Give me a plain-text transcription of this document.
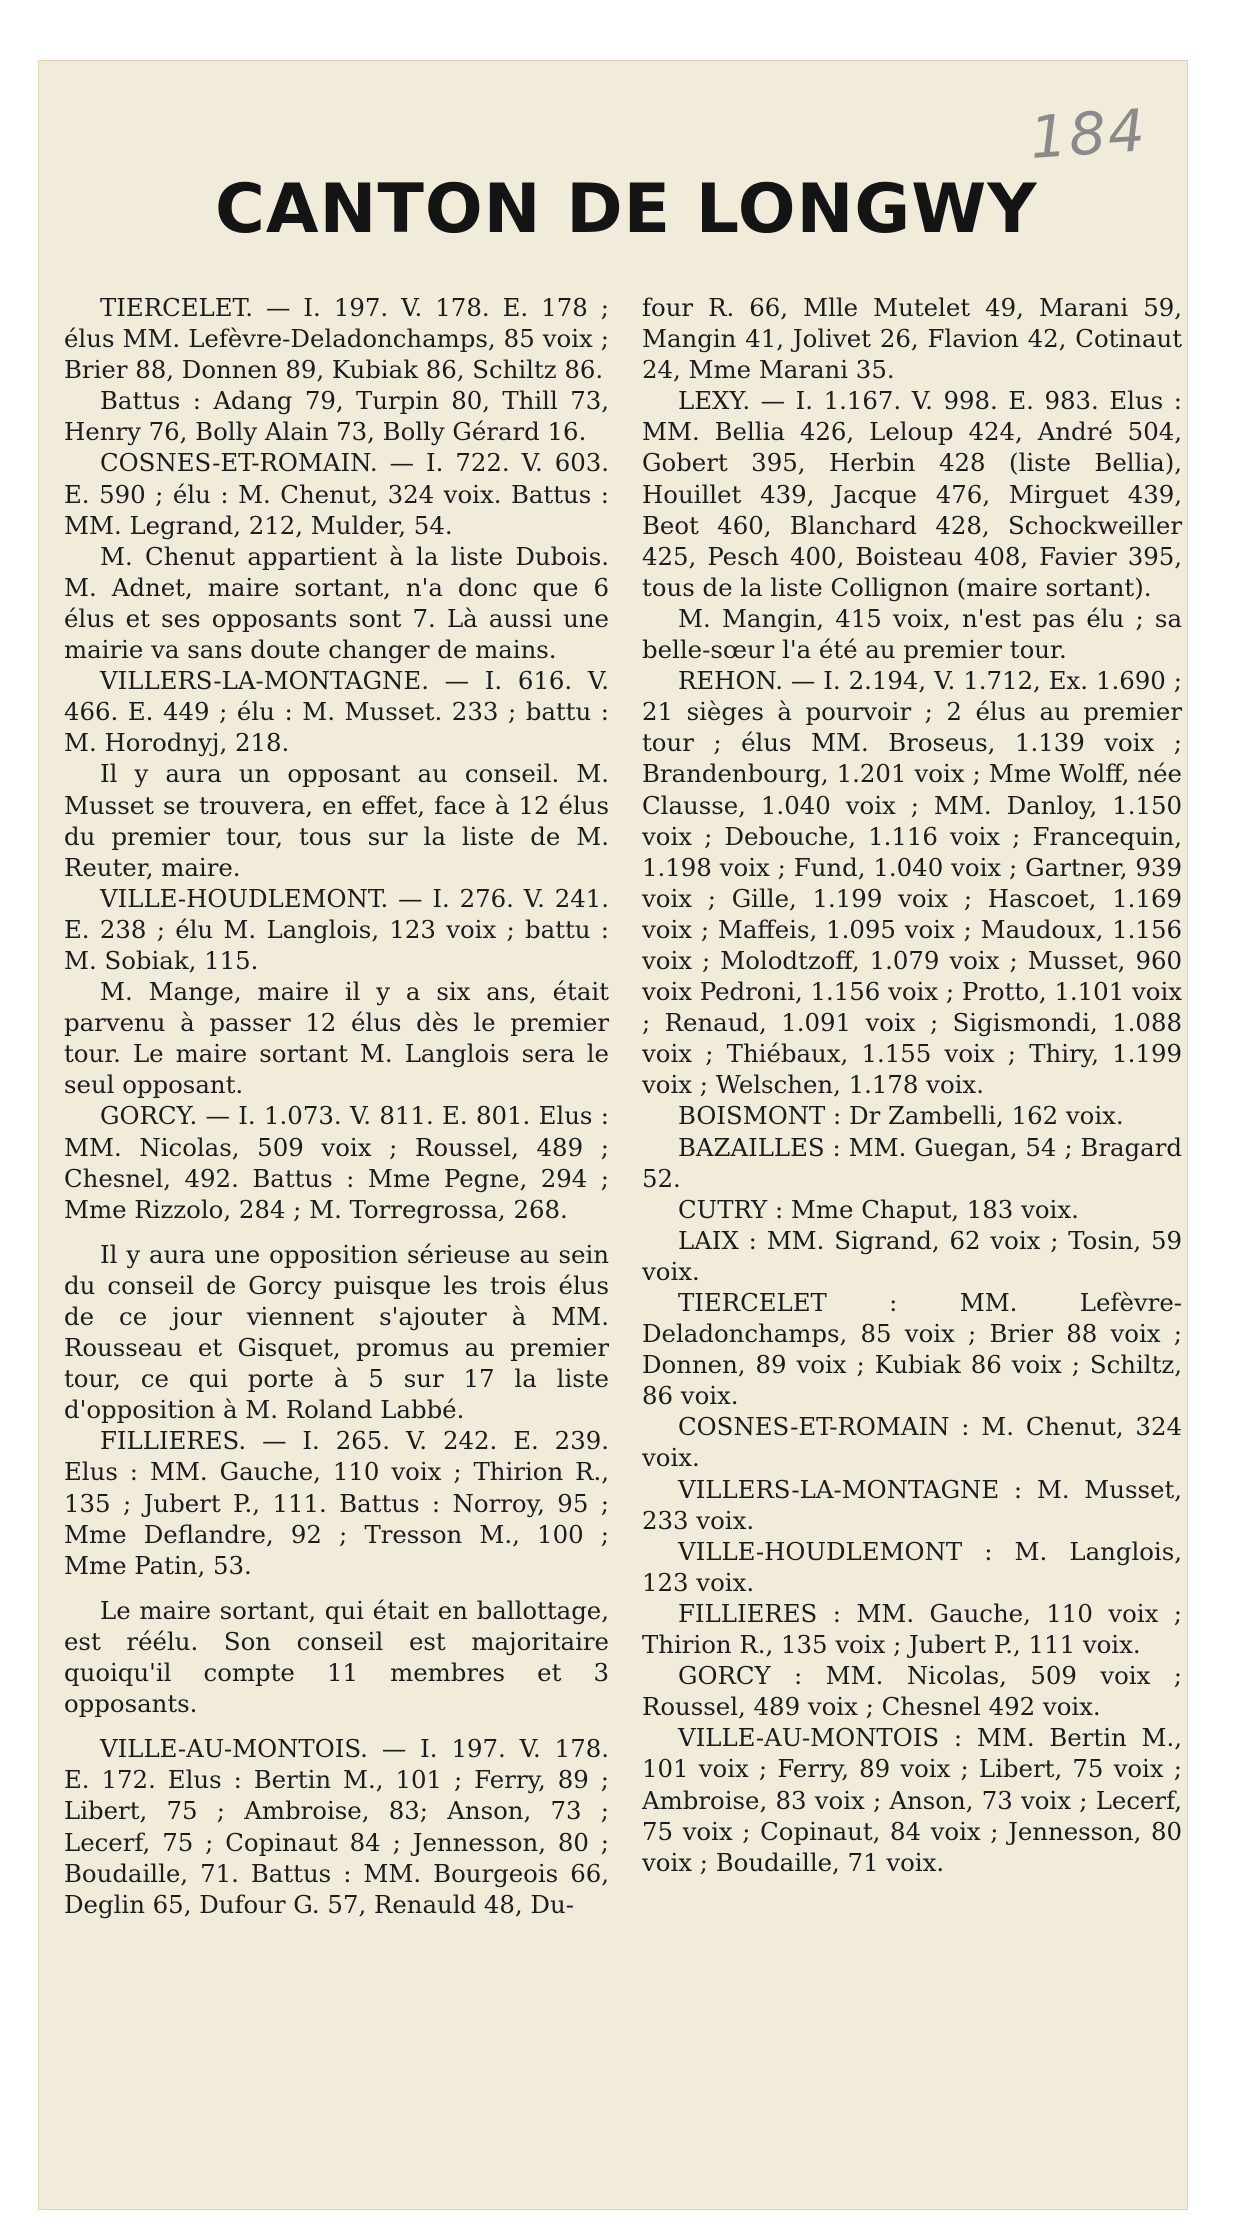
184
CANTON DE LONGWY

TIERCELET. — I. 197. V. 178. E. 178 ; élus MM. Lefèvre-Deladonchamps, 85 voix ; Brier 88, Donnen 89, Kubiak 86, Schiltz 86.

Battus : Adang 79, Turpin 80, Thill 73, Henry 76, Bolly Alain 73, Bolly Gérard 16.

COSNES-ET-ROMAIN. — I. 722. V. 603. E. 590 ; élu : M. Chenut, 324 voix. Battus : MM. Legrand, 212, Mulder, 54.

M. Chenut appartient à la liste Dubois. M. Adnet, maire sortant, n'a donc que 6 élus et ses opposants sont 7. Là aussi une mairie va sans doute changer de mains.

VILLERS-LA-MONTAGNE. — I. 616. V. 466. E. 449 ; élu : M. Musset. 233 ; battu : M. Horodnyj, 218.

Il y aura un opposant au conseil. M. Musset se trouvera, en effet, face à 12 élus du premier tour, tous sur la liste de M. Reuter, maire.

VILLE-HOUDLEMONT. — I. 276. V. 241. E. 238 ; élu M. Langlois, 123 voix ; battu : M. Sobiak, 115.

M. Mange, maire il y a six ans, était parvenu à passer 12 élus dès le premier tour. Le maire sortant M. Langlois sera le seul opposant.

GORCY. — I. 1.073. V. 811. E. 801. Elus : MM. Nicolas, 509 voix ; Roussel, 489 ; Chesnel, 492. Battus : Mme Pegne, 294 ; Mme Rizzolo, 284 ; M. Torregrossa, 268.

Il y aura une opposition sérieuse au sein du conseil de Gorcy puisque les trois élus de ce jour viennent s'ajouter à MM. Rousseau et Gisquet, promus au premier tour, ce qui porte à 5 sur 17 la liste d'opposition à M. Roland Labbé.

FILLIERES. — I. 265. V. 242. E. 239. Elus : MM. Gauche, 110 voix ; Thirion R., 135 ; Jubert P., 111. Battus : Norroy, 95 ; Mme Deflandre, 92 ; Tresson M., 100 ; Mme Patin, 53.

Le maire sortant, qui était en ballottage, est réélu. Son conseil est majoritaire quoiqu'il compte 11 membres et 3 opposants.

VILLE-AU-MONTOIS. — I. 197. V. 178. E. 172. Elus : Bertin M., 101 ; Ferry, 89 ; Libert, 75 ; Ambroise, 83; Anson, 73 ; Lecerf, 75 ; Copinaut 84 ; Jennesson, 80 ; Boudaille, 71. Battus : MM. Bourgeois 66, Deglin 65, Dufour G. 57, Renauld 48, Du-

four R. 66, Mlle Mutelet 49, Marani 59, Mangin 41, Jolivet 26, Flavion 42, Cotinaut 24, Mme Marani 35.

LEXY. — I. 1.167. V. 998. E. 983. Elus : MM. Bellia 426, Leloup 424, André 504, Gobert 395, Herbin 428 (liste Bellia), Houillet 439, Jacque 476, Mirguet 439, Beot 460, Blanchard 428, Schockweiller 425, Pesch 400, Boisteau 408, Favier 395, tous de la liste Collignon (maire sortant).

M. Mangin, 415 voix, n'est pas élu ; sa belle-sœur l'a été au premier tour.

REHON. — I. 2.194, V. 1.712, Ex. 1.690 ; 21 sièges à pourvoir ; 2 élus au premier tour ; élus MM. Broseus, 1.139 voix ; Brandenbourg, 1.201 voix ; Mme Wolff, née Clausse, 1.040 voix ; MM. Danloy, 1.150 voix ; Debouche, 1.116 voix ; Francequin, 1.198 voix ; Fund, 1.040 voix ; Gartner, 939 voix ; Gille, 1.199 voix ; Hascoet, 1.169 voix ; Maffeis, 1.095 voix ; Maudoux, 1.156 voix ; Molodtzoff, 1.079 voix ; Musset, 960 voix Pedroni, 1.156 voix ; Protto, 1.101 voix ; Renaud, 1.091 voix ; Sigismondi, 1.088 voix ; Thiébaux, 1.155 voix ; Thiry, 1.199 voix ; Welschen, 1.178 voix.

BOISMONT : Dr Zambelli, 162 voix.

BAZAILLES : MM. Guegan, 54 ; Bragard 52.

CUTRY : Mme Chaput, 183 voix.

LAIX : MM. Sigrand, 62 voix ; Tosin, 59 voix.

TIERCELET : MM. Lefèvre-Deladonchamps, 85 voix ; Brier 88 voix ; Donnen, 89 voix ; Kubiak 86 voix ; Schiltz, 86 voix.

COSNES-ET-ROMAIN : M. Chenut, 324 voix.

VILLERS-LA-MONTAGNE : M. Musset, 233 voix.

VILLE-HOUDLEMONT : M. Langlois, 123 voix.

FILLIERES : MM. Gauche, 110 voix ; Thirion R., 135 voix ; Jubert P., 111 voix.

GORCY : MM. Nicolas, 509 voix ; Roussel, 489 voix ; Chesnel 492 voix.

VILLE-AU-MONTOIS : MM. Bertin M., 101 voix ; Ferry, 89 voix ; Libert, 75 voix ; Ambroise, 83 voix ; Anson, 73 voix ; Lecerf, 75 voix ; Copinaut, 84 voix ; Jennesson, 80 voix ; Boudaille, 71 voix.
